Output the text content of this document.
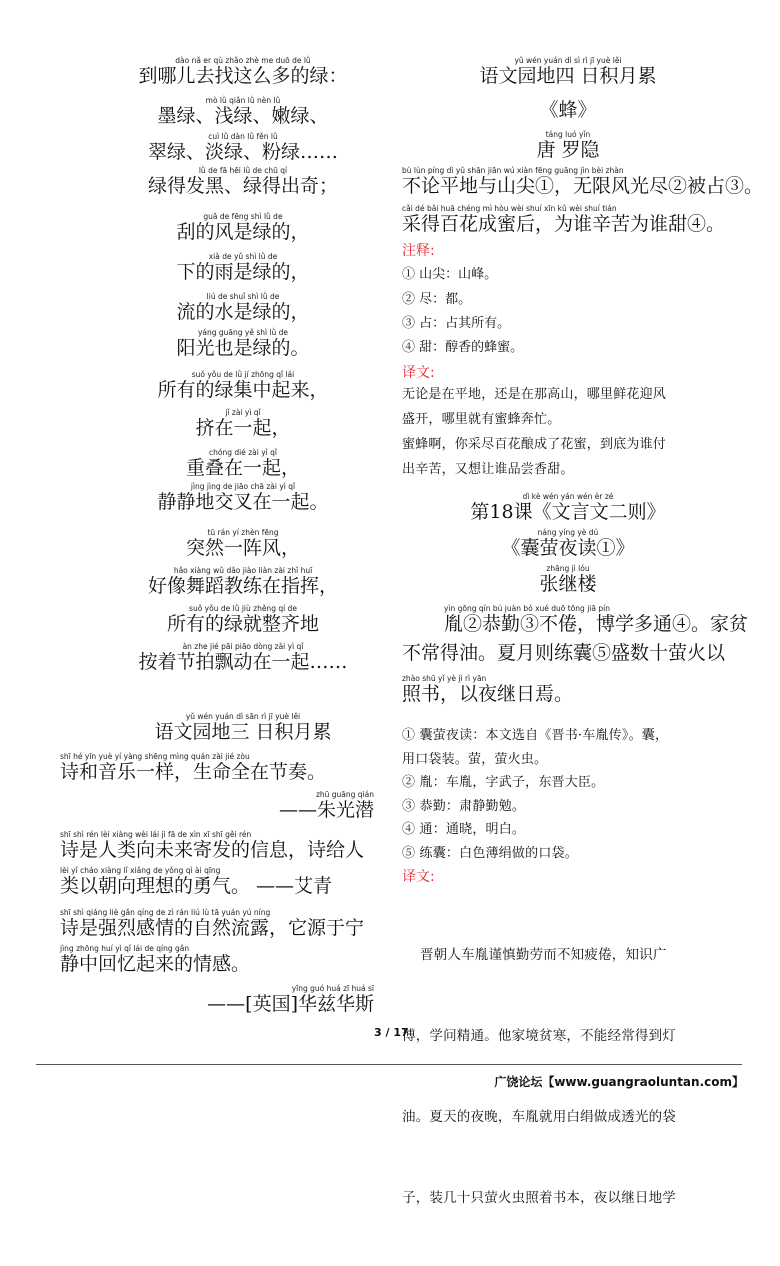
dào nǎ er qù zhǎo zhè me duō de lǜ
到哪儿去找这么多的绿：
mò lǜ qiǎn lǜ nèn lǜ
墨绿、浅绿、嫩绿、
cuì lǜ dàn lǜ fěn lǜ
翠绿、淡绿、粉绿……
lǜ de fā hēi lǜ de chū qí
绿得发黑、绿得出奇；
guā de fēng shì lǜ de
刮的风是绿的，
xià de yǔ shì lǜ de
下的雨是绿的，
liú de shuǐ shì lǜ de
流的水是绿的，
yáng guāng yě shì lǜ de
阳光也是绿的。
suǒ yǒu de lǜ jí zhōng qǐ lái
所有的绿集中起来，
jǐ zài yì qǐ
挤在一起，
chóng dié zài yì qǐ
重叠在一起，
jìng jìng de jiāo chā zài yì qǐ
静静地交叉在一起。
tū rán yí zhèn fēng
突然一阵风，
hǎo xiàng wǔ dǎo jiào liàn zài zhǐ huī
好像舞蹈教练在指挥，
suǒ yǒu de lǜ jiù zhěng qí de
所有的绿就整齐地
àn zhe jié pāi piāo dòng zài yì qǐ
按着节拍飘动在一起……
yǔ wén yuán dì sān rì jī yuè lěi
语文园地三 日积月累
shī hé yīn yuè yí yàng shēng mìng quán zài jié zòu
诗和音乐一样，生命全在节奏。
zhū guāng qián
——朱光潜
shī shì rén lèi xiàng wèi lái jì fā de xìn xī shī gěi rén
诗是人类向未来寄发的信息，诗给人
lèi yǐ cháo xiàng lǐ xiǎng de yǒng qì ài qīng
类以朝向理想的勇气。 ——艾青
shī shì qiáng liè gǎn qíng de zì rán liú lù tā yuán yú níng
诗是强烈感情的自然流露，它源于宁
jìng zhōng huí yì qǐ lái de qíng gǎn
静中回忆起来的情感。
yīng guó huá zī huá sī
——[英国]华兹华斯
yǔ wén yuán dì sì rì jī yuè lěi
语文园地四 日积月累
《蜂》
táng luó yǐn
唐 罗隐
bù lùn píng dì yǔ shān jiān wú xiàn fēng guāng jìn bèi zhàn
不论平地与山尖①，无限风光尽②被占③。
cǎi dé bǎi huā chéng mì hòu wèi shuí xīn kǔ wèi shuí tián
采得百花成蜜后，为谁辛苦为谁甜④。
注释:
① 山尖：山峰。
② 尽：都。
③ 占：占其所有。
④ 甜：醇香的蜂蜜。
译文:
无论是在平地，还是在那高山，哪里鲜花迎风
盛开，哪里就有蜜蜂奔忙。
蜜蜂啊，你采尽百花酿成了花蜜，到底为谁付
出辛苦，又想让谁品尝香甜。
dì kè wén yán wén èr zé
第18课《文言文二则》
náng yíng yè dú
《囊萤夜读①》
zhāng jì lóu
张继楼
yìn gōng qín bú juàn bó xué duō tōng jiā pín
胤②恭勤③不倦，博学多通④。家贫
不常得油。夏月则练囊⑤盛数十萤火以
zhào shū yǐ yè jì rì yān
照书，以夜继日焉。
① 囊萤夜读：本文选自《晋书·车胤传》。囊，
用口袋装。萤，萤火虫。
② 胤：车胤，字武子，东晋大臣。
③ 恭勤：肃静勤勉。
④ 通：通晓，明白。
⑤ 练囊：白色薄绢做的口袋。
译文:

晋朝人车胤谨慎勤劳而不知疲倦，知识广

博，学问精通。他家境贫寒，不能经常得到灯

油。夏天的夜晚，车胤就用白绢做成透光的袋

子，装几十只萤火虫照着书本，夜以继日地学

3 / 17
广饶论坛【www.guangraoluntan.com】
